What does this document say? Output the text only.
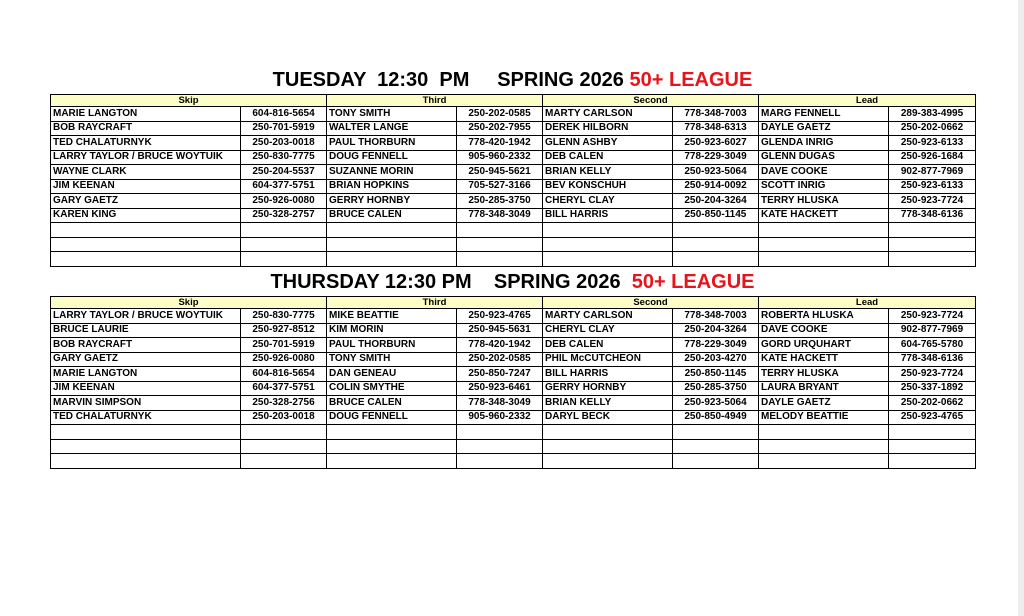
TUESDAY  12:30  PM     SPRING 2026 50+ LEAGUE
Skip		Third		Second		Lead	
MARIE LANGTON	604-816-5654	TONY SMITH	250-202-0585	MARTY CARLSON	778-348-7003	MARG FENNELL	289-383-4995
BOB RAYCRAFT	250-701-5919	WALTER LANGE	250-202-7955	DEREK HILBORN	778-348-6313	DAYLE GAETZ	250-202-0662
TED CHALATURNYK	250-203-0018	PAUL THORBURN	778-420-1942	GLENN ASHBY	250-923-6027	GLENDA INRIG	250-923-6133
LARRY TAYLOR / BRUCE WOYTUIK	250-830-7775	DOUG FENNELL	905-960-2332	DEB CALEN	778-229-3049	GLENN DUGAS	250-926-1684
WAYNE CLARK	250-204-5537	SUZANNE MORIN	250-945-5621	BRIAN KELLY	250-923-5064	DAVE COOKE	902-877-7969
JIM KEENAN	604-377-5751	BRIAN HOPKINS	705-527-3166	BEV KONSCHUH	250-914-0092	SCOTT INRIG	250-923-6133
GARY GAETZ	250-926-0080	GERRY HORNBY	250-285-3750	CHERYL CLAY	250-204-3264	TERRY HLUSKA	250-923-7724
KAREN KING	250-328-2757	BRUCE CALEN	778-348-3049	BILL HARRIS	250-850-1145	KATE HACKETT	778-348-6136

THURSDAY 12:30 PM    SPRING 2026  50+ LEAGUE
Skip		Third		Second		Lead	
LARRY TAYLOR / BRUCE WOYTUIK	250-830-7775	MIKE BEATTIE	250-923-4765	MARTY CARLSON	778-348-7003	ROBERTA HLUSKA	250-923-7724
BRUCE LAURIE	250-927-8512	KIM MORIN	250-945-5631	CHERYL CLAY	250-204-3264	DAVE COOKE	902-877-7969
BOB RAYCRAFT	250-701-5919	PAUL THORBURN	778-420-1942	DEB CALEN	778-229-3049	GORD URQUHART	604-765-5780
GARY GAETZ	250-926-0080	TONY SMITH	250-202-0585	PHIL McCUTCHEON	250-203-4270	KATE HACKETT	778-348-6136
MARIE LANGTON	604-816-5654	DAN GENEAU	250-850-7247	BILL HARRIS	250-850-1145	TERRY HLUSKA	250-923-7724
JIM KEENAN	604-377-5751	COLIN SMYTHE	250-923-6461	GERRY HORNBY	250-285-3750	LAURA BRYANT	250-337-1892
MARVIN SIMPSON	250-328-2756	BRUCE CALEN	778-348-3049	BRIAN KELLY	250-923-5064	DAYLE GAETZ	250-202-0662
TED CHALATURNYK	250-203-0018	DOUG FENNELL	905-960-2332	DARYL BECK	250-850-4949	MELODY BEATTIE	250-923-4765
